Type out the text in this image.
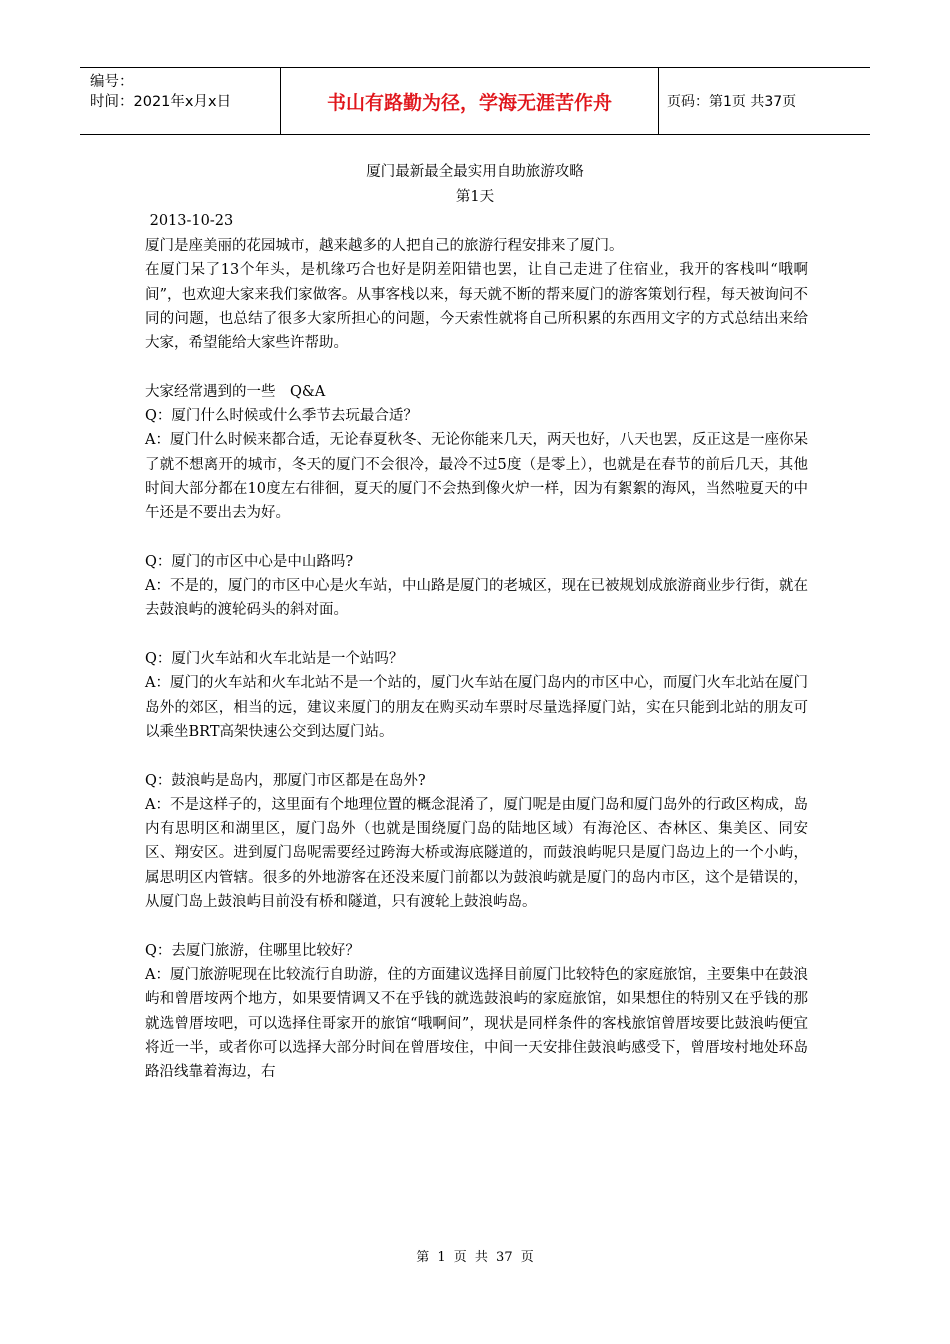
编号：
时间：2021年x月x日	书山有路勤为径，学海无涯苦作舟	页码：第1页 共37页
厦门最新最全最实用自助旅游攻略
第1天
2013-10-23

厦门是座美丽的花园城市，越来越多的人把自己的旅游行程安排来了厦门。

在厦门呆了13个年头，是机缘巧合也好是阴差阳错也罢，让自己走进了住宿业，我开的客栈叫“哦啊间”，也欢迎大家来我们家做客。从事客栈以来，每天就不断的帮来厦门的游客策划行程，每天被询问不同的问题，也总结了很多大家所担心的问题，今天索性就将自己所积累的东西用文字的方式总结出来给大家，希望能给大家些许帮助。

大家经常遇到的一些　Q&A

Q：厦门什么时候或什么季节去玩最合适？

A：厦门什么时候来都合适，无论春夏秋冬、无论你能来几天，两天也好，八天也罢，反正这是一座你呆了就不想离开的城市，冬天的厦门不会很冷，最冷不过5度（是零上），也就是在春节的前后几天，其他时间大部分都在10度左右徘徊，夏天的厦门不会热到像火炉一样，因为有絮絮的海风，当然啦夏天的中午还是不要出去为好。

Q：厦门的市区中心是中山路吗?

A：不是的，厦门的市区中心是火车站，中山路是厦门的老城区，现在已被规划成旅游商业步行街，就在去鼓浪屿的渡轮码头的斜对面。

Q：厦门火车站和火车北站是一个站吗？

A：厦门的火车站和火车北站不是一个站的，厦门火车站在厦门岛内的市区中心，而厦门火车北站在厦门岛外的郊区，相当的远，建议来厦门的朋友在购买动车票时尽量选择厦门站，实在只能到北站的朋友可以乘坐BRT高架快速公交到达厦门站。

Q：鼓浪屿是岛内，那厦门市区都是在岛外?

A：不是这样子的，这里面有个地理位置的概念混淆了，厦门呢是由厦门岛和厦门岛外的行政区构成，岛内有思明区和湖里区，厦门岛外（也就是围绕厦门岛的陆地区域）有海沧区、杏林区、集美区、同安区、翔安区。进到厦门岛呢需要经过跨海大桥或海底隧道的，而鼓浪屿呢只是厦门岛边上的一个小屿，属思明区内管辖。很多的外地游客在还没来厦门前都以为鼓浪屿就是厦门的岛内市区，这个是错误的，从厦门岛上鼓浪屿目前没有桥和隧道，只有渡轮上鼓浪屿岛。

Q：去厦门旅游，住哪里比较好？

A：厦门旅游呢现在比较流行自助游，住的方面建议选择目前厦门比较特色的家庭旅馆，主要集中在鼓浪屿和曾厝垵两个地方，如果要情调又不在乎钱的就选鼓浪屿的家庭旅馆，如果想住的特别又在乎钱的那就选曾厝垵吧，可以选择住哥家开的旅馆“哦啊间”，现状是同样条件的客栈旅馆曾厝垵要比鼓浪屿便宜将近一半，或者你可以选择大部分时间在曾厝垵住，中间一天安排住鼓浪屿感受下，曾厝垵村地处环岛路沿线靠着海边，右

第 1 页 共 37 页
